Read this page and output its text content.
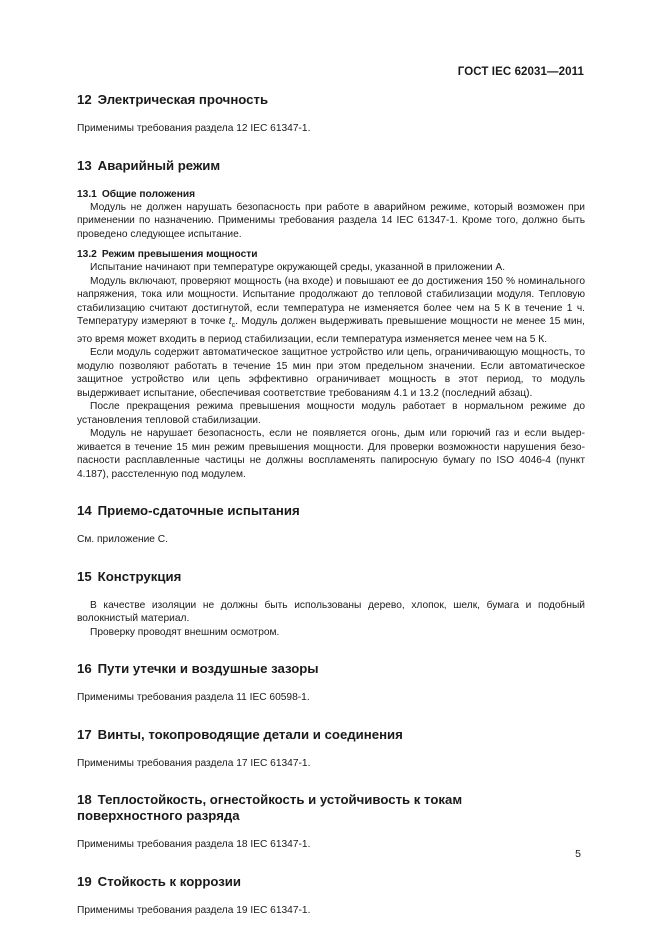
ГОСТ IEC 62031—2011
12 Электрическая прочность

Применимы требования раздела 12 IEC 61347-1.

13 Аварийный режим
13.1 Общие положения

Модуль не должен нарушать безопасность при работе в аварийном режиме, который возможен при применении по назначению. Применимы требования раздела 14 IEC 61347-1. Кроме того, должно быть проведено следующее испытание.

13.2 Режим превышения мощности

Испытание начинают при температуре окружающей среды, указанной в приложении А.

Модуль включают, проверяют мощность (на входе) и повышают ее до достижения 150 % номинального напряжения, тока или мощности. Испытание продолжают до тепловой стабилизации модуля. Тепловую стабилизацию считают достигнутой, если температура не изменяется более чем на 5 К в течение 1 ч. Температуру измеряют в точке $t_c$. Модуль должен выдерживать превышение мощности не менее 15 мин, это время может входить в период стабилизации, если температура изменяется менее чем на 5 К.

Если модуль содержит автоматическое защитное устройство или цепь, ограничивающую мощность, то модулю позволяют работать в течение 15 мин при этом предельном значении. Если автоматическое защитное устройство или цепь эффективно ограничивает мощность в этот период, то модуль выдерживает испытание, обеспечивая соответствие требованиям 4.1 и 13.2 (последний абзац).

После прекращения режима превышения мощности модуль работает в нормальном режиме до установления тепловой стабилизации.

Модуль не нарушает безопасность, если не появляется огонь, дым или горючий газ и если выдерживается в течение 15 мин режим превышения мощности. Для проверки возможности нарушения безопасности расплавленные частицы не должны воспламенять папиросную бумагу по ISO 4046-4 (пункт 4.187), расстеленную под модулем.

14 Приемо-сдаточные испытания

См. приложение С.

15 Конструкция

В качестве изоляции не должны быть использованы дерево, хлопок, шелк, бумага и подобный волокнистый материал.

Проверку проводят внешним осмотром.

16 Пути утечки и воздушные зазоры

Применимы требования раздела 11 IEC 60598-1.

17 Винты, токопроводящие детали и соединения

Применимы требования раздела 17 IEC 61347-1.

18 Теплостойкость, огнестойкость и устойчивость к токам
поверхностного разряда

Применимы требования раздела 18 IEC 61347-1.

19 Стойкость к коррозии

Применимы требования раздела 19 IEC 61347-1.

5
